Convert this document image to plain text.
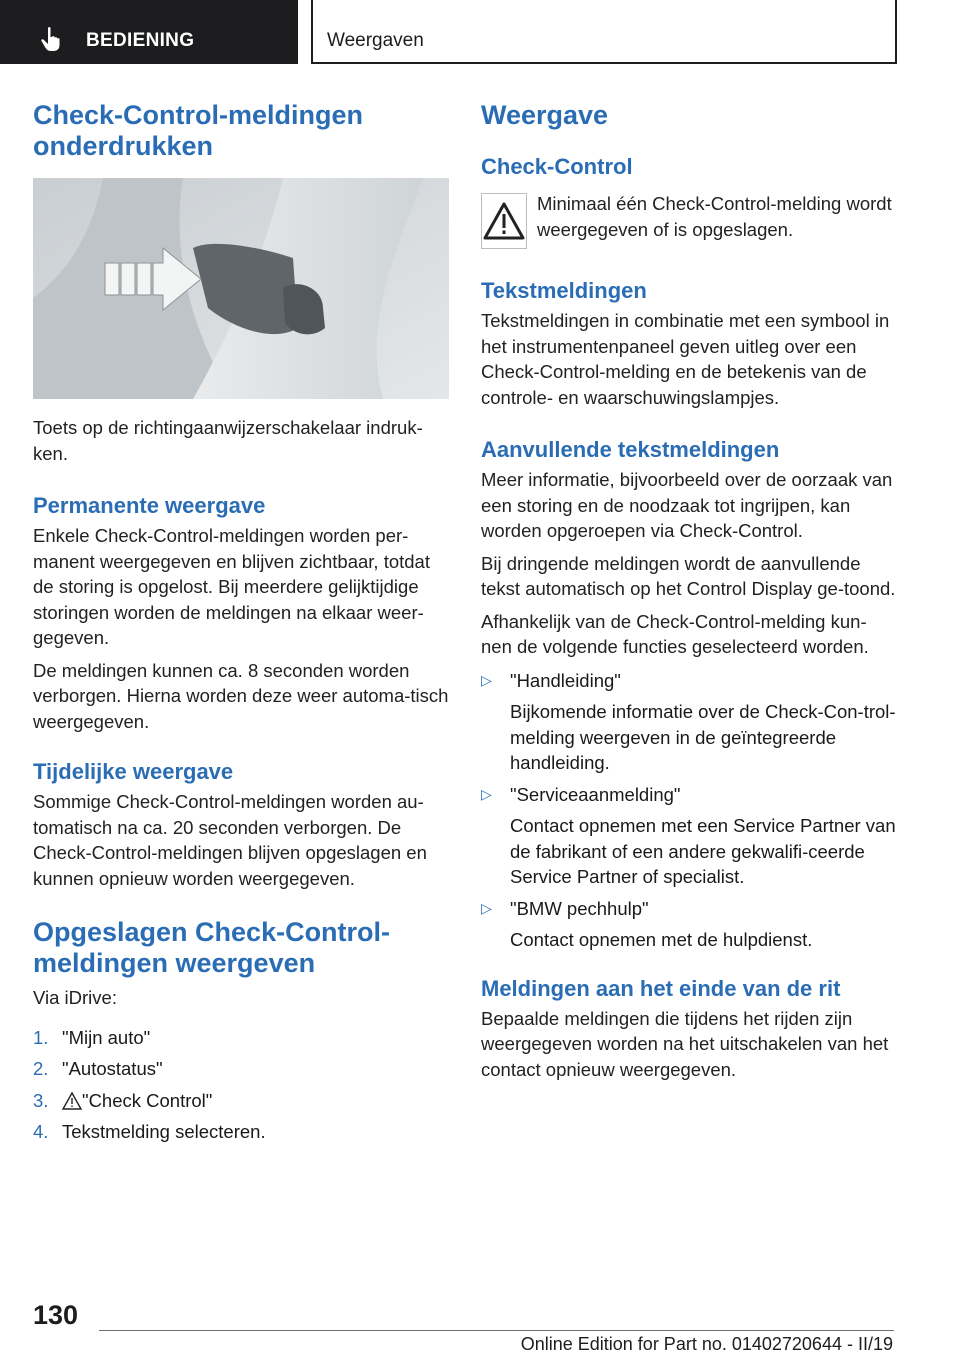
BEDIENING	Weergaven
Check-Control-meldingen onderdrukken

Toets op de richtingaanwijzerschakelaar indruk-ken.

Permanente weergave

Enkele Check-Control-meldingen worden per-manent weergegeven en blijven zichtbaar, totdat de storing is opgelost. Bij meerdere gelijktijdige storingen worden de meldingen na elkaar weer-gegeven.

De meldingen kunnen ca. 8 seconden worden verborgen. Hierna worden deze weer automa-tisch weergegeven.

Tijdelijke weergave

Sommige Check-Control-meldingen worden au-tomatisch na ca. 20 seconden verborgen. De Check-Control-meldingen blijven opgeslagen en kunnen opnieuw worden weergegeven.

Opgeslagen Check-Control-meldingen weergeven

Via iDrive:

1. "Mijn auto"
2. "Autostatus"
3.	"Check Control"
4. Tekstmelding selecteren.
Weergave
Check-Control

Minimaal één Check-Control-melding wordt weergegeven of is opgeslagen.

Tekstmeldingen

Tekstmeldingen in combinatie met een symbool in het instrumentenpaneel geven uitleg over een Check-Control-melding en de betekenis van de controle- en waarschuwingslampjes.

Aanvullende tekstmeldingen

Meer informatie, bijvoorbeeld over de oorzaak van een storing en de noodzaak tot ingrijpen, kan worden opgeroepen via Check-Control.

Bij dringende meldingen wordt de aanvullende tekst automatisch op het Control Display ge-toond.

Afhankelijk van de Check-Control-melding kun-nen de volgende functies geselecteerd worden.

▷ "Handleiding"
Bijkomende informatie over de Check-Con-trol-melding weergeven in de geïntegreerde handleiding.
▷ "Serviceaanmelding"
Contact opnemen met een Service Partner van de fabrikant of een andere gekwalifi-ceerde Service Partner of specialist.
▷ "BMW pechhulp"
Contact opnemen met de hulpdienst.
Meldingen aan het einde van de rit

Bepaalde meldingen die tijdens het rijden zijn weergegeven worden na het uitschakelen van het contact opnieuw weergegeven.

130
Online Edition for Part no. 01402720644 - II/19
